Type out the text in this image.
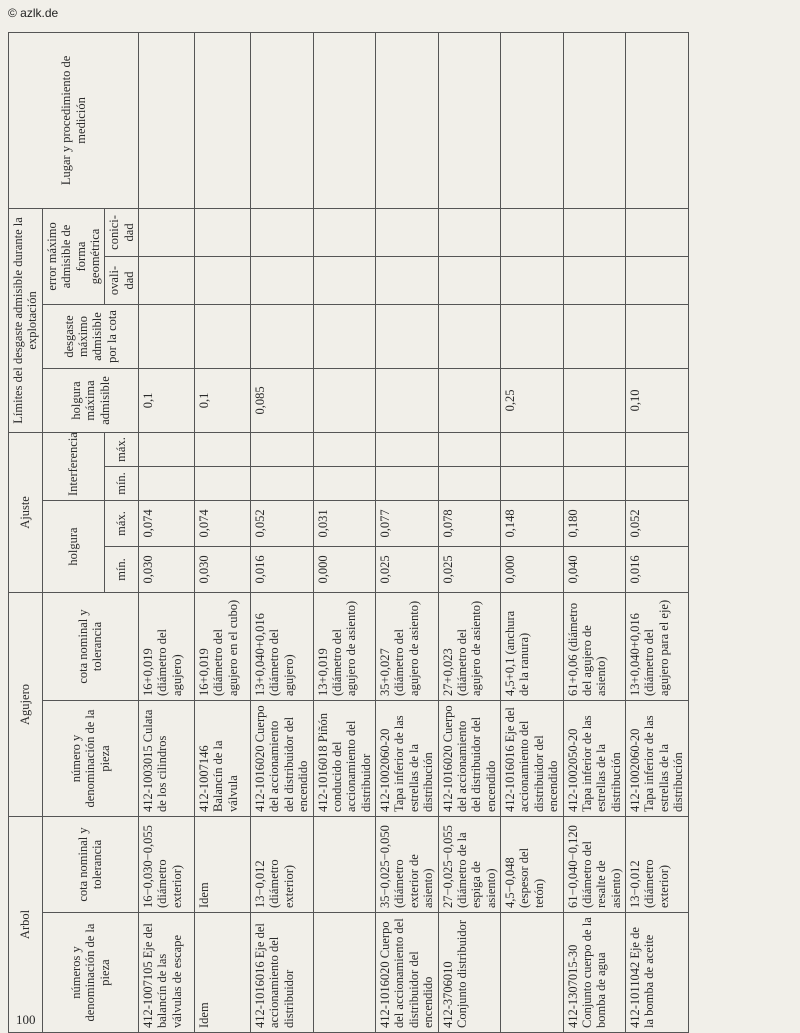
© azlk.de
Arbol		Agujero		Ajuste				Límites del desgaste admisible durante la explotación				Lugar y procedimiento de medición
números y denominación de la pieza	cota nominal y tolerancia	número y denominación de la pieza	cota nominal y tolerancia	holgura		Interferencia		holgura máxima admisible	desgaste máximo admisible por la cota	error máximo admisible de forma geométrica		
				mín.	máx.	mín.	máx.			ovali- dad	conici- dad	
412-1007105 Eje del balancín de las válvulas de escape	16−0,030−0,055 (diámetro exterior)	412-1003015 Culata de los cilindros	16+0,019 (diámetro del agujero)	0,030	0,074			0,1				
Idem	Idem	412-1007146 Balancín de la válvula	16+0,019 (diámetro del agujero en el cubo)	0,030	0,074			0,1				
412-1016016 Eje del accionamiento del distribuidor	13−0,012 (diámetro exterior)	412-1016020 Cuerpo del accionamiento del distribuidor del encendido	13+0,040+0,016 (diámetro del agujero)	0,016	0,052			0,085				
		412-1016018 Piñón conducido del accionamiento del distribuidor	13+0,019 (diámetro del agujero de asiento)	0,000	0,031							
412-1016020 Cuerpo del accionamiento del distribuidor del encendido	35−0,025−0,050 (diámetro exterior de asiento)	412-1002060-20 Tapa inferior de las estrellas de la distribución	35+0,027 (diámetro del agujero de asiento)	0,025	0,077							
412-3706010 Conjunto distribuidor	27−0,025−0,055 (diámetro de la espiga de asiento)	412-1016020 Cuerpo del accionamiento del distribuidor del encendido	27+0,023 (diámetro del agujero de asiento)	0,025	0,078							
	4,5−0,048 (espesor del tetón)	412-1016016 Eje del accionamiento del distribuidor del encendido	4,5+0,1 (anchura de la ranura)	0,000	0,148			0,25				
412-1307015-30 Conjunto cuerpo de la bomba de agua	61−0,040−0,120 (diámetro del resalte de asiento)	412-1002050-20 Tapa inferior de las estrellas de la distribución	61+0,06 (diámetro del agujero de asiento)	0,040	0,180							
412-1011042 Eje de la bomba de aceite	13−0,012 (diámetro exterior)	412-1002060-20 Tapa inferior de las estrellas de la distribución	13+0,040+0,016 (diámetro del agujero para el eje)	0,016	0,052			0,10				
100
